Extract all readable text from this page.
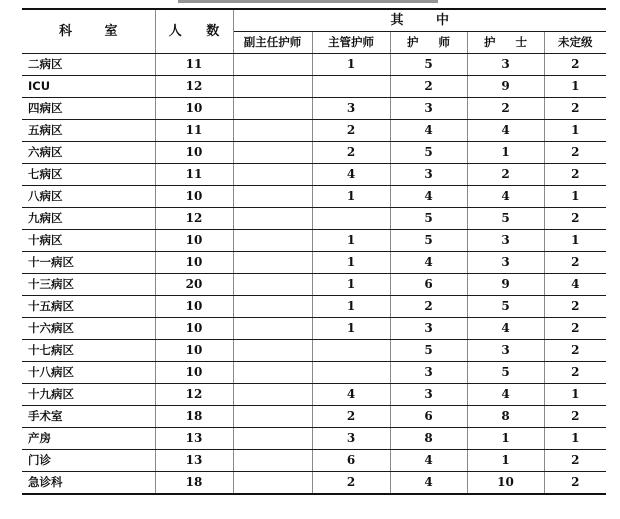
科 室	人 数	其 中				
		副主任护师	主管护师	护 师	护 士	未定级
二病区	11		1	5	3	2
ICU	12			2	9	1
四病区	10		3	3	2	2
五病区	11		2	4	4	1
六病区	10		2	5	1	2
七病区	11		4	3	2	2
八病区	10		1	4	4	1
九病区	12			5	5	2
十病区	10		1	5	3	1
十一病区	10		1	4	3	2
十三病区	20		1	6	9	4
十五病区	10		1	2	5	2
十六病区	10		1	3	4	2
十七病区	10			5	3	2
十八病区	10			3	5	2
十九病区	12		4	3	4	1
手术室	18		2	6	8	2
产房	13		3	8	1	1
门诊	13		6	4	1	2
急诊科	18		2	4	10	2
